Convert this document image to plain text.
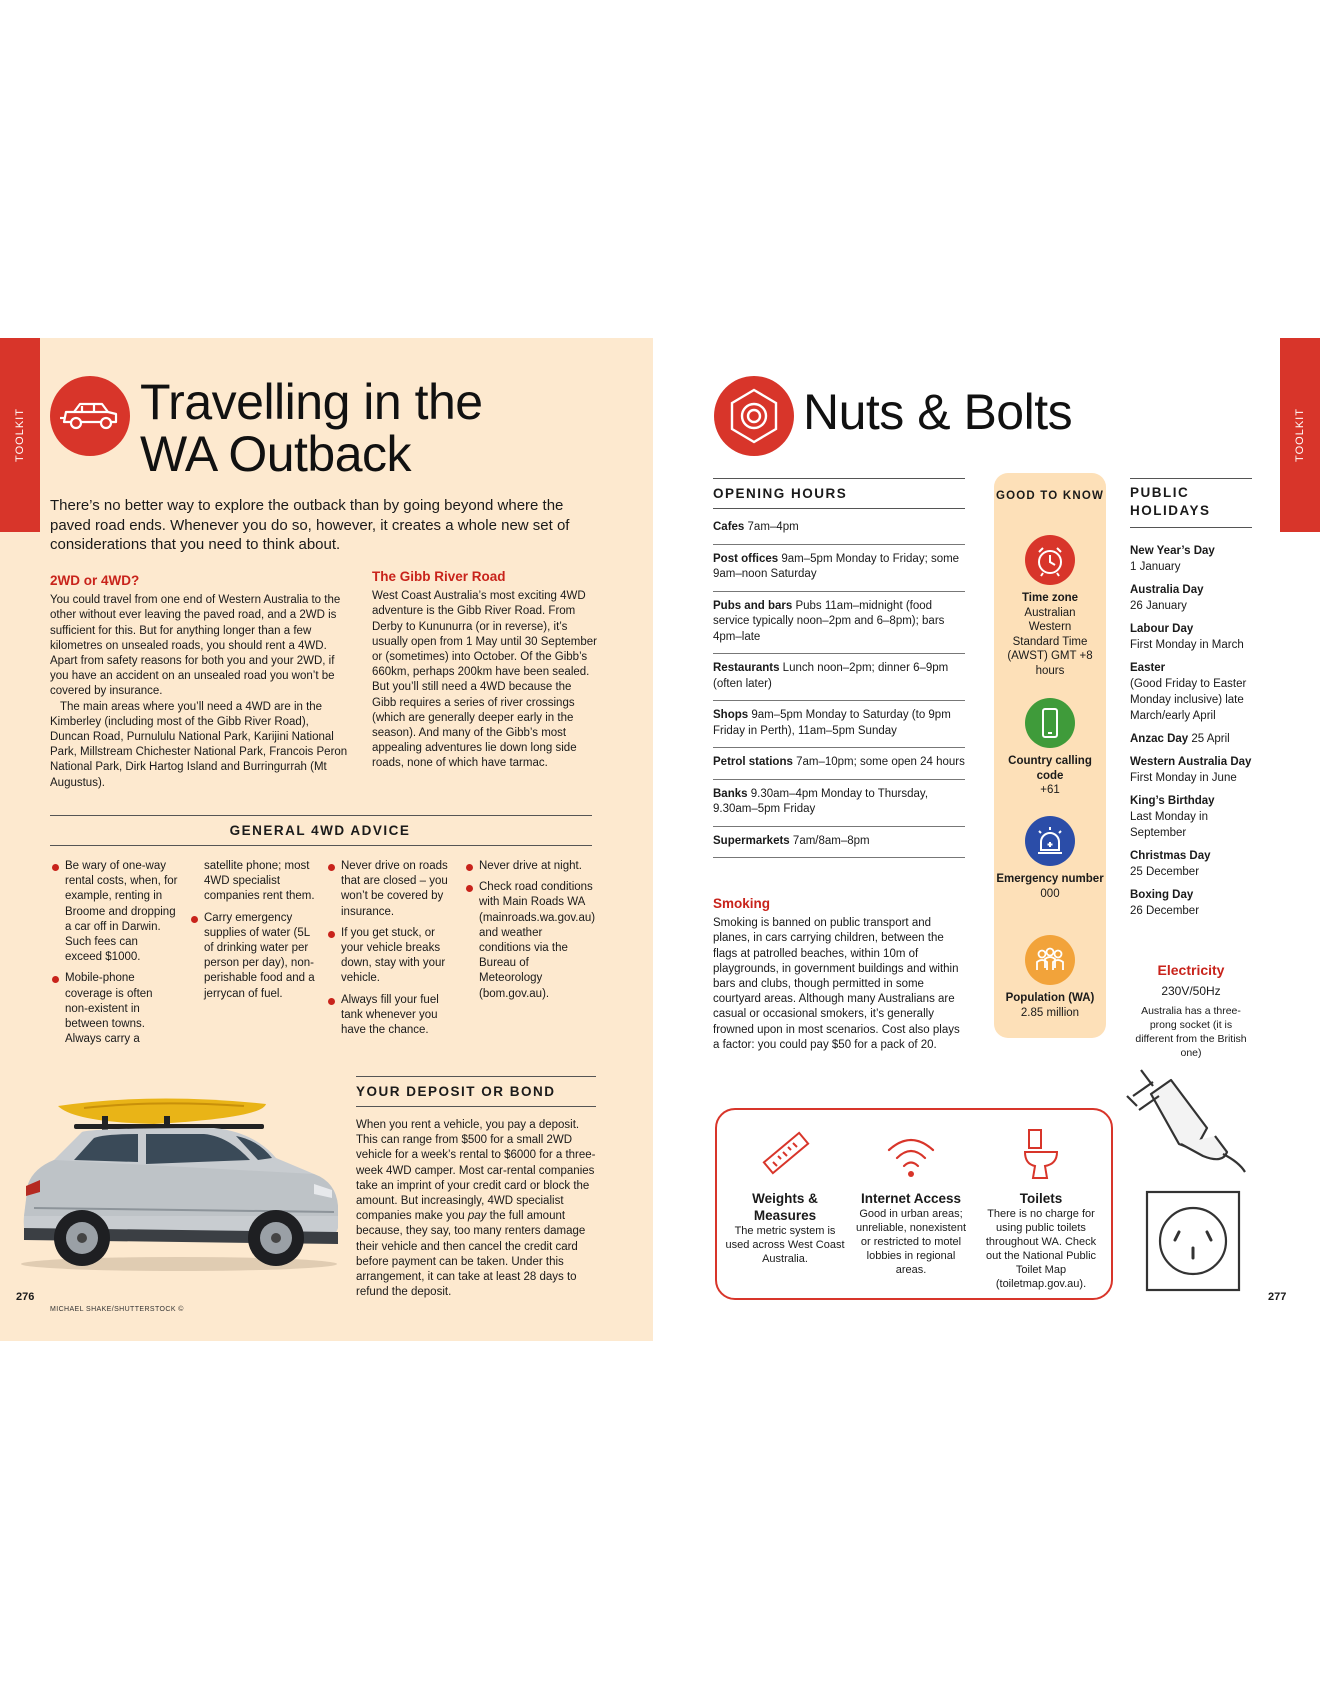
TOOLKIT
Travelling in the
WA Outback
There’s no better way to explore the outback than by going beyond where the paved road ends. Whenever you do so, however, it creates a whole new set of considerations that you need to think about.
2WD or 4WD?

You could travel from one end of Western Australia to the other without ever leaving the paved road, and a 2WD is sufficient for this. But for anything longer than a few kilometres on unsealed roads, you should rent a 4WD. Apart from safety reasons for both you and your 2WD, if you have an accident on an unsealed road you won’t be covered by insurance.

The main areas where you’ll need a 4WD are in the Kimberley (including most of the Gibb River Road), Duncan Road, Purnululu National Park, Karijini National Park, Millstream Chichester National Park, Francois Peron National Park, Dirk Hartog Island and Burringurrah (Mt Augustus).

The Gibb River Road

West Coast Australia’s most exciting 4WD adventure is the Gibb River Road. From Derby to Kununurra (or in reverse), it’s usually open from 1 May until 30 September or (sometimes) into October. Of the Gibb’s 660km, perhaps 200km have been sealed. But you’ll still need a 4WD because the Gibb requires a series of river crossings (which are generally deeper early in the season). And many of the Gibb’s most appealing adventures lie down long side roads, none of which have tarmac.

GENERAL 4WD ADVICE
Be wary of one-way rental costs, when, for example, renting in Broome and dropping a car off in Darwin. Such fees can exceed $1000.
Mobile-phone coverage is often non-existent in between towns. Always carry a
satellite phone; most 4WD specialist companies rent them.
Carry emergency supplies of water (5L of drinking water per person per day), non-perishable food and a jerrycan of fuel.
Never drive on roads that are closed – you won’t be covered by insurance.
If you get stuck, or your vehicle breaks down, stay with your vehicle.
Always fill your fuel tank whenever you have the chance.
Never drive at night.
Check road conditions with Main Roads WA (mainroads.wa.gov.au) and weather conditions via the Bureau of Meteorology (bom.gov.au).
YOUR DEPOSIT OR BOND
When you rent a vehicle, you pay a deposit. This can range from $500 for a small 2WD vehicle for a week’s rental to $6000 for a three-week 4WD camper. Most car-rental companies take an imprint of your credit card or block the amount. But increasingly, 4WD specialist companies make you pay the full amount because, they say, too many renters damage their vehicle and then cancel the credit card before payment can be taken. Under this arrangement, it can take at least 28 days to refund the deposit.
276
MICHAEL SHAKE/SHUTTERSTOCK ©
TOOLKIT
Nuts & Bolts
OPENING HOURS
Cafes 7am–4pm
Post offices 9am–5pm Monday to Friday; some 9am–noon Saturday
Pubs and bars Pubs 11am–midnight (food service typically noon–2pm and 6–8pm); bars 4pm–late
Restaurants Lunch noon–2pm; dinner 6–9pm (often later)
Shops 9am–5pm Monday to Saturday (to 9pm Friday in Perth), 11am–5pm Sunday
Petrol stations 7am–10pm; some open 24 hours
Banks 9.30am–4pm Monday to Thursday, 9.30am–5pm Friday
Supermarkets 7am/8am–8pm
Smoking

Smoking is banned on public transport and planes, in cars carrying children, between the flags at patrolled beaches, within 10m of playgrounds, in government buildings and within bars and clubs, though permitted in some courtyard areas. Although many Australians are casual or occasional smokers, it’s generally frowned upon in most scenarios. Cost also plays a factor: you could pay $50 for a pack of 20.

GOOD TO KNOW
Time zone
Australian Western Standard Time (AWST) GMT +8 hours
Country calling code
+61
Emergency number
000
Population (WA)
2.85 million
PUBLIC HOLIDAYS
New Year’s Day
1 January
Australia Day
26 January
Labour Day
First Monday in March
Easter
(Good Friday to Easter Monday inclusive) late March/early April
Anzac Day 25 April
Western Australia Day
First Monday in June
King’s Birthday
Last Monday in September
Christmas Day
25 December
Boxing Day
26 December
Electricity
230V/50Hz
Australia has a three-prong socket (it is different from the British one)
Weights & Measures
The metric system is used across West Coast Australia.
Internet Access
Good in urban areas; unreliable, nonexistent or restricted to motel lobbies in regional areas.
Toilets
There is no charge for using public toilets throughout WA. Check out the National Public Toilet Map (toiletmap.gov.au).
277
